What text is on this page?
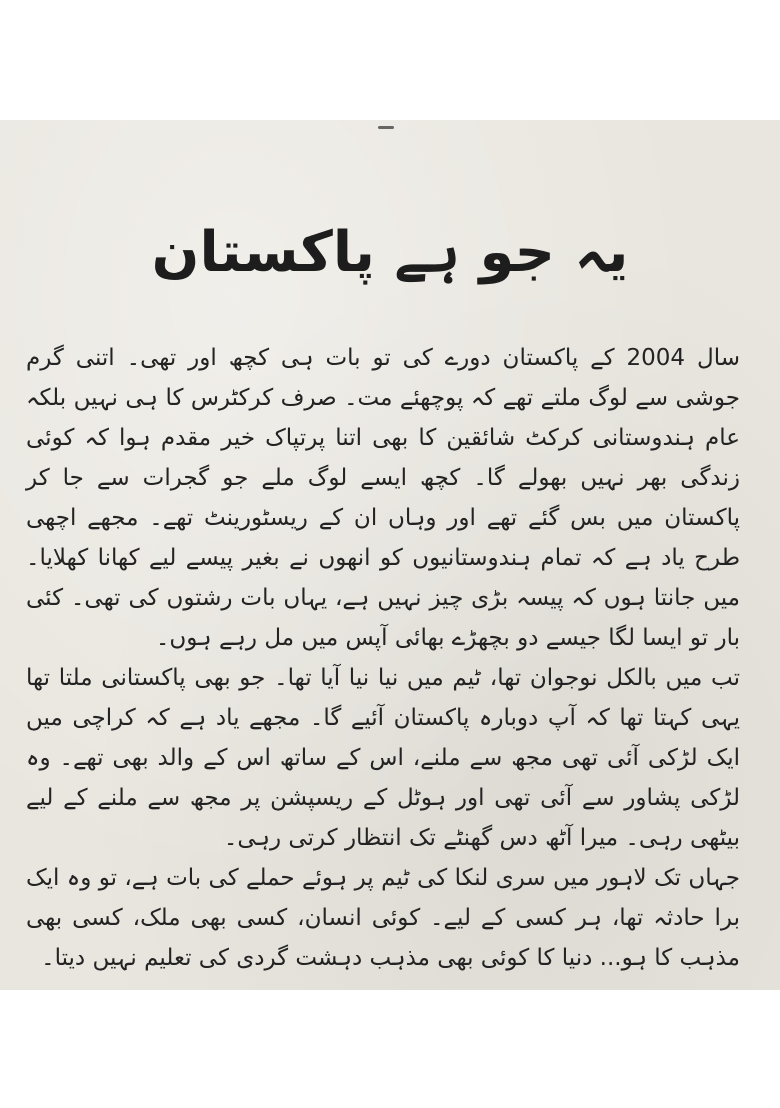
یہ جو ہے پاکستان

سال 2004 کے پاکستان دورے کی تو بات ہی کچھ اور تھی۔ اتنی گرم جوشی سے لوگ ملتے تھے کہ پوچھئے مت۔ صرف کرکٹرس کا ہی نہیں بلکہ عام ہندوستانی کرکٹ شائقین کا بھی اتنا پرتپاک خیر مقدم ہوا کہ کوئی زندگی بھر نہیں بھولے گا۔ کچھ ایسے لوگ ملے جو گجرات سے جا کر پاکستان میں بس گئے تھے اور وہاں ان کے ریسٹورینٹ تھے۔ مجھے اچھی طرح یاد ہے کہ تمام ہندوستانیوں کو انھوں نے بغیر پیسے لیے کھانا کھلایا۔ میں جانتا ہوں کہ پیسہ بڑی چیز نہیں ہے، یہاں بات رشتوں کی تھی۔ کئی بار تو ایسا لگا جیسے دو بچھڑے بھائی آپس میں مل رہے ہوں۔

تب میں بالکل نوجوان تھا، ٹیم میں نیا نیا آیا تھا۔ جو بھی پاکستانی ملتا تھا یہی کہتا تھا کہ آپ دوبارہ پاکستان آئیے گا۔ مجھے یاد ہے کہ کراچی میں ایک لڑکی آئی تھی مجھ سے ملنے، اس کے ساتھ اس کے والد بھی تھے۔ وہ لڑکی پشاور سے آئی تھی اور ہوٹل کے ریسپشن پر مجھ سے ملنے کے لیے بیٹھی رہی۔ میرا آٹھ دس گھنٹے تک انتظار کرتی رہی۔

جہاں تک لاہور میں سری لنکا کی ٹیم پر ہوئے حملے کی بات ہے، تو وہ ایک برا حادثہ تھا، ہر کسی کے لیے۔ کوئی انسان، کسی بھی ملک، کسی بھی مذہب کا ہو... دنیا کا کوئی بھی مذہب دہشت گردی کی تعلیم نہیں دیتا۔
